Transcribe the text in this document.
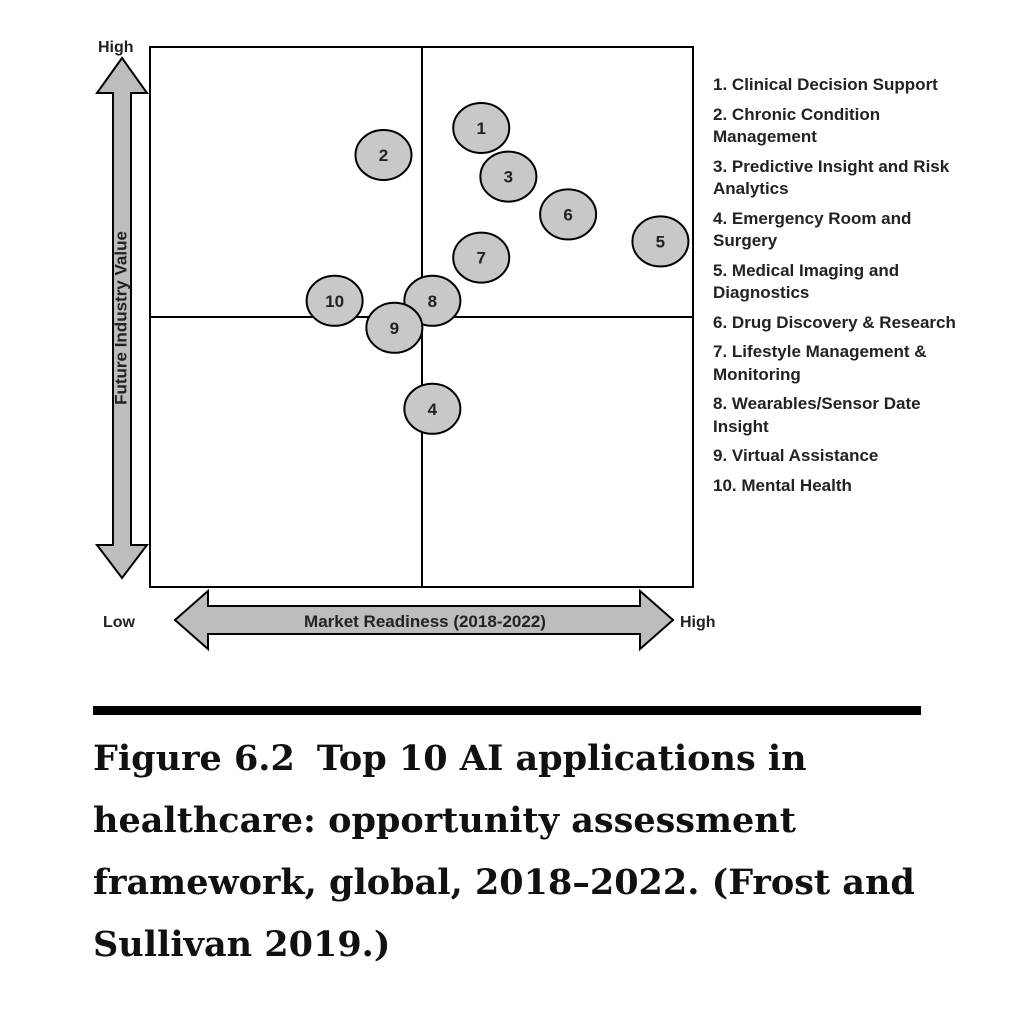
Future Industry Value
High
Market Readiness (2018-2022)
Low	High
1
2
3
4
5
6
7
8
9
10
1. Clinical Decision Support
2. Chronic Condition Management
3. Predictive Insight and Risk Analytics
4. Emergency Room and Surgery
5. Medical Imaging and Diagnostics
6. Drug Discovery & Research
7. Lifestyle Management & Monitoring
8. Wearables/Sensor Date Insight
9. Virtual Assistance
10. Mental Health

Figure 6.2 Top 10 AI applications in healthcare: opportunity assessment framework, global, 2018–2022. (Frost and Sullivan 2019.)
